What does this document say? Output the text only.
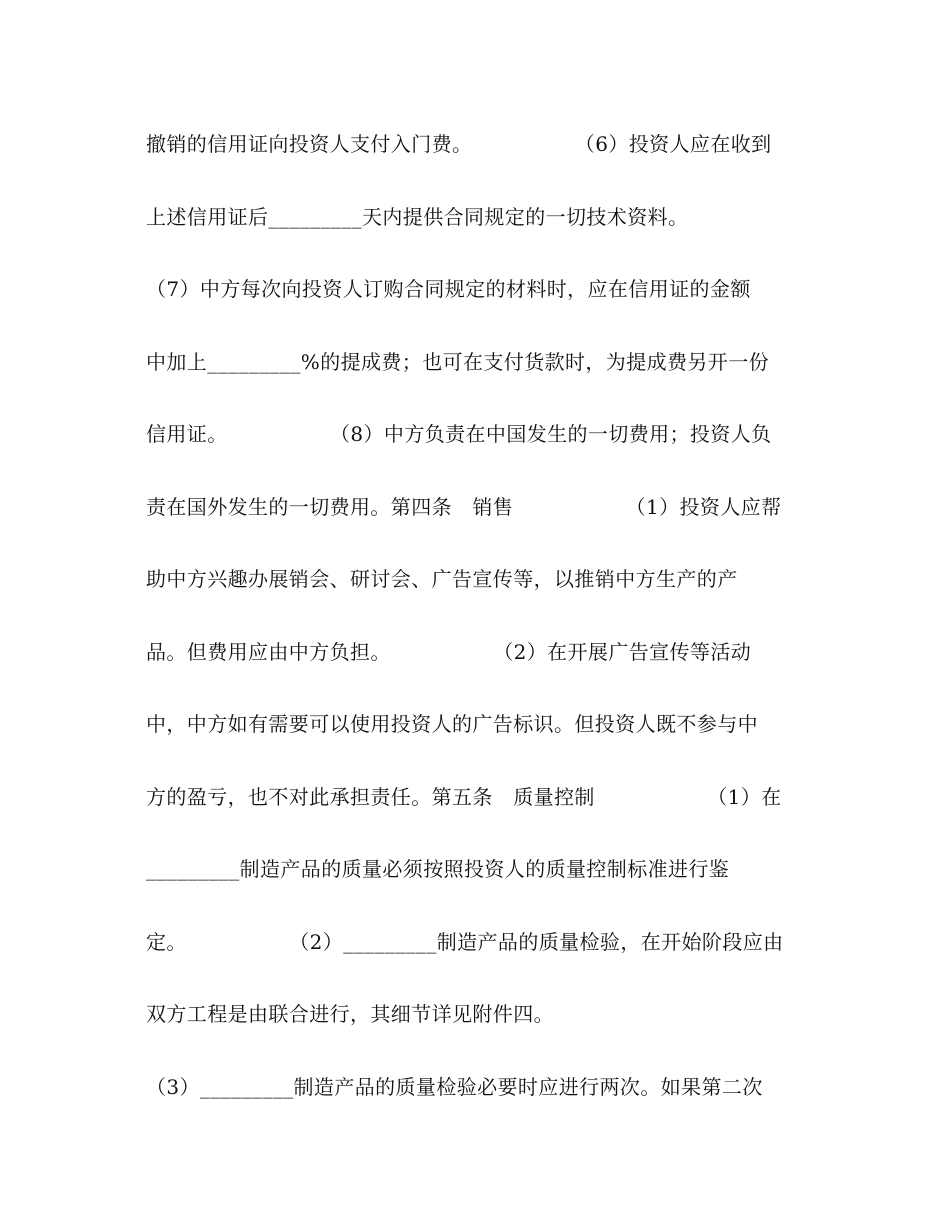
撤销的信用证向投资人支付入门费。　　　　　　（6）投资人应在收到
上述信用证后_________天内提供合同规定的一切技术资料。
（7）中方每次向投资人订购合同规定的材料时，应在信用证的金额
中加上_________%的提成费；也可在支付货款时，为提成费另开一份
信用证。　　　　　　（8）中方负责在中国发生的一切费用；投资人负
责在国外发生的一切费用。第四条　销售　　　　　　（1）投资人应帮
助中方兴趣办展销会、研讨会、广告宣传等，以推销中方生产的产
品。但费用应由中方负担。　　　　　　（2）在开展广告宣传等活动
中，中方如有需要可以使用投资人的广告标识。但投资人既不参与中
方的盈亏，也不对此承担责任。第五条　质量控制　　　　　　（1）在
_________制造产品的质量必须按照投资人的质量控制标准进行鉴
定。　　　　　　（2）_________制造产品的质量检验，在开始阶段应由
双方工程是由联合进行，其细节详见附件四。
（3）_________制造产品的质量检验必要时应进行两次。如果第二次
